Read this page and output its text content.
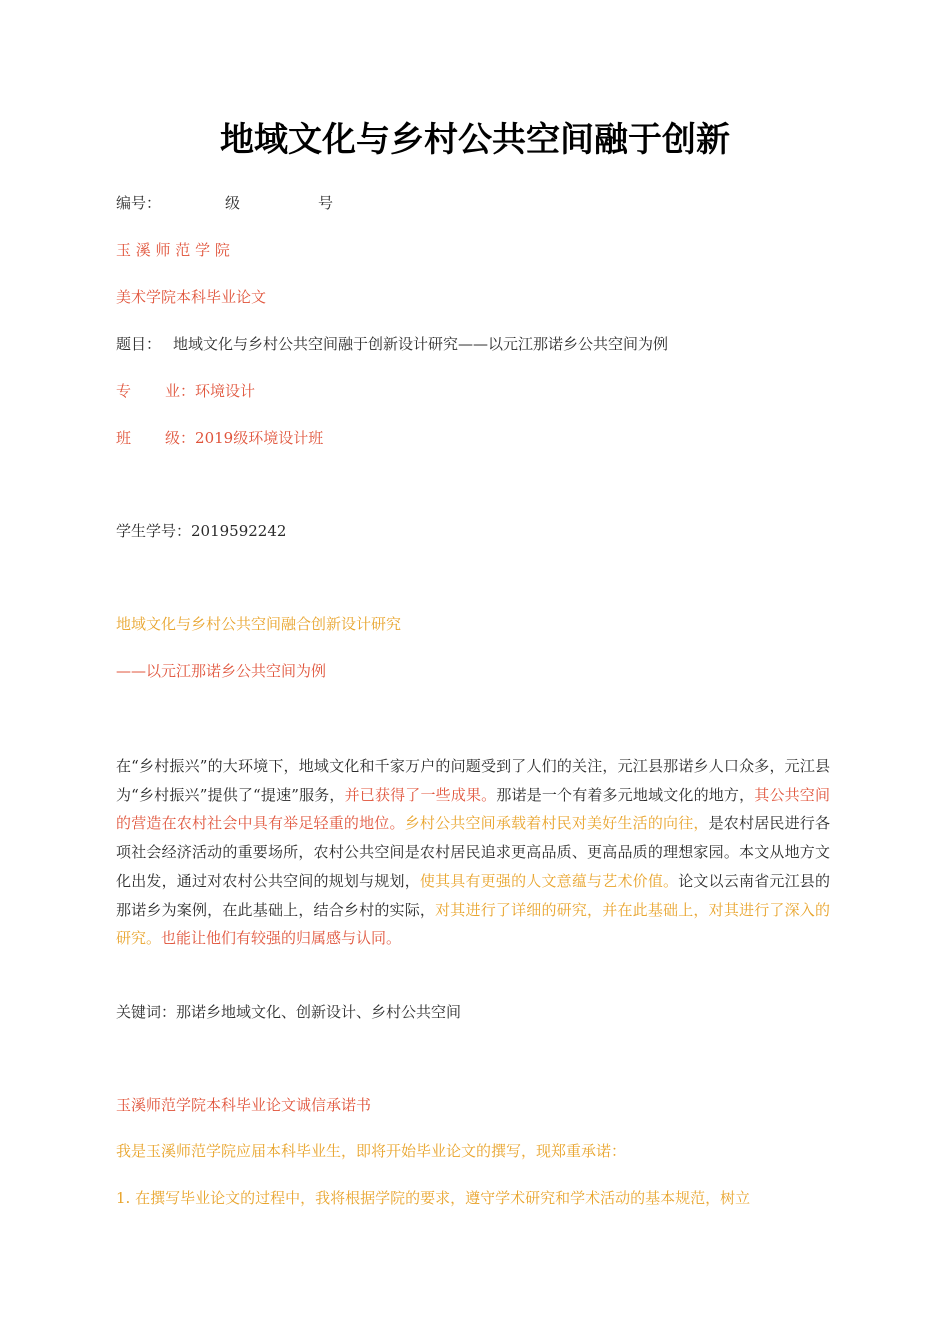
地域文化与乡村公共空间融于创新
编号：	级	号
玉 溪 师 范 学 院
美术学院本科毕业论文
题目： 地域文化与乡村公共空间融于创新设计研究——以元江那诺乡公共空间为例
专 业：环境设计
班 级：2019级环境设计班
学生学号：2019592242
地域文化与乡村公共空间融合创新设计研究
——以元江那诺乡公共空间为例
在“乡村振兴”的大环境下，地域文化和千家万户的问题受到了人们的关注，元江县那诺乡人口众多，元江县为“乡村振兴”提供了“提速”服务，并已获得了一些成果。那诺是一个有着多元地域文化的地方，其公共空间的营造在农村社会中具有举足轻重的地位。乡村公共空间承载着村民对美好生活的向往，是农村居民进行各项社会经济活动的重要场所，农村公共空间是农村居民追求更高品质、更高品质的理想家园。本文从地方文化出发，通过对农村公共空间的规划与规划，使其具有更强的人文意蕴与艺术价值。论文以云南省元江县的那诺乡为案例，在此基础上，结合乡村的实际，对其进行了详细的研究，并在此基础上，对其进行了深入的研究。也能让他们有较强的归属感与认同。
关键词：那诺乡地域文化、创新设计、乡村公共空间
玉溪师范学院本科毕业论文诚信承诺书
我是玉溪师范学院应届本科毕业生，即将开始毕业论文的撰写，现郑重承诺：
1. 在撰写毕业论文的过程中，我将根据学院的要求，遵守学术研究和学术活动的基本规范，树立
